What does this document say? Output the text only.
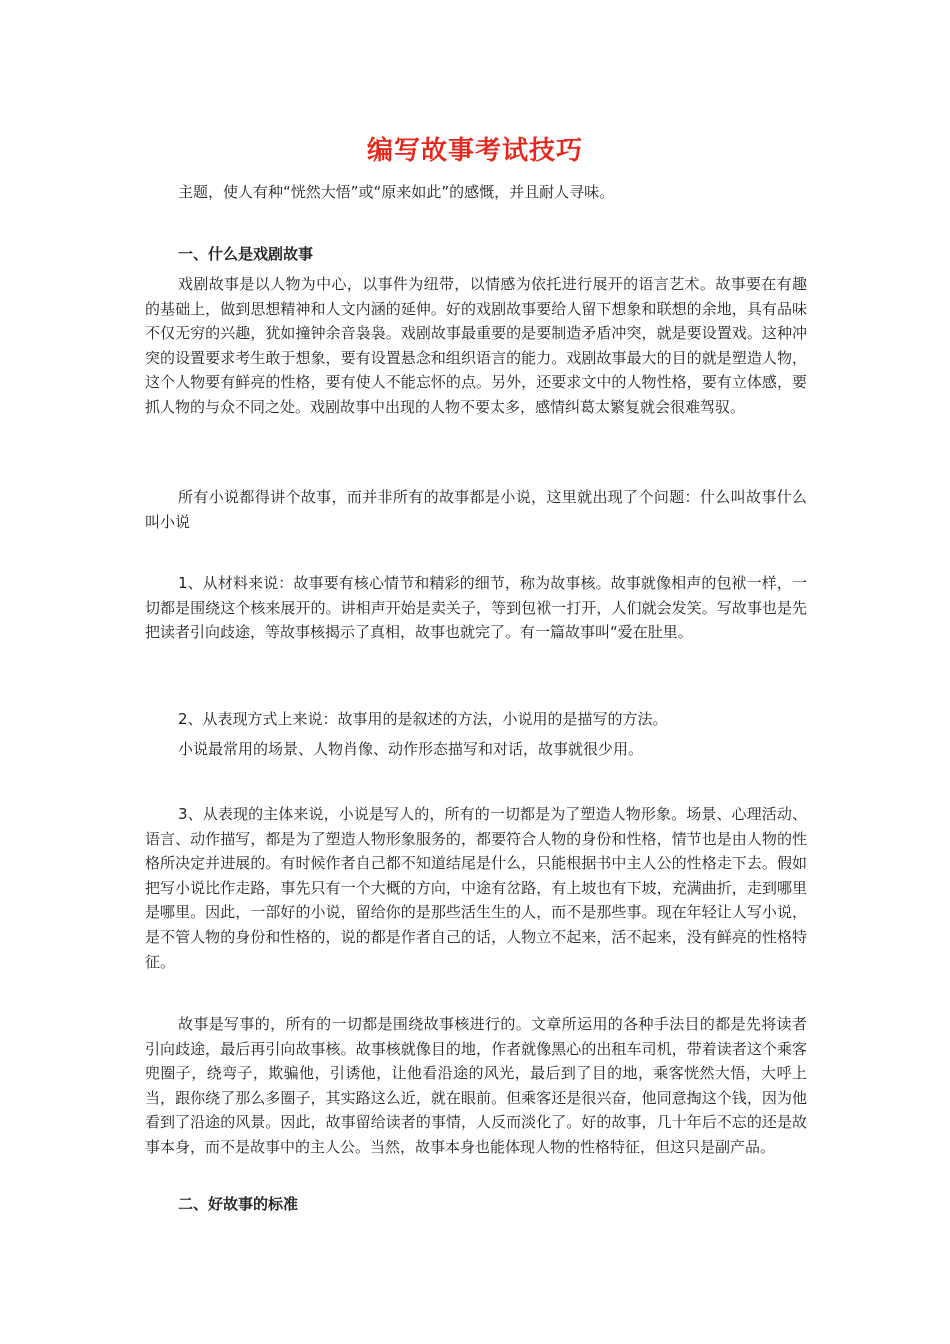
编写故事考试技巧

主题，使人有种“恍然大悟”或“原来如此”的感慨，并且耐人寻味。

一、什么是戏剧故事

戏剧故事是以人物为中心，以事件为纽带，以情感为依托进行展开的语言艺术。故事要在有趣的基础上，做到思想精神和人文内涵的延伸。好的戏剧故事要给人留下想象和联想的余地，具有品味不仅无穷的兴趣，犹如撞钟余音袅袅。戏剧故事最重要的是要制造矛盾冲突，就是要设置戏。这种冲突的设置要求考生敢于想象，要有设置悬念和组织语言的能力。戏剧故事最大的目的就是塑造人物，这个人物要有鲜亮的性格，要有使人不能忘怀的点。另外，还要求文中的人物性格，要有立体感，要抓人物的与众不同之处。戏剧故事中出现的人物不要太多，感情纠葛太繁复就会很难驾驭。

所有小说都得讲个故事，而并非所有的故事都是小说，这里就出现了个问题：什么叫故事什么叫小说

1、从材料来说：故事要有核心情节和精彩的细节，称为故事核。故事就像相声的包袱一样，一切都是围绕这个核来展开的。讲相声开始是卖关子，等到包袱一打开，人们就会发笑。写故事也是先把读者引向歧途，等故事核揭示了真相，故事也就完了。有一篇故事叫“爱在肚里。

2、从表现方式上来说：故事用的是叙述的方法，小说用的是描写的方法。

小说最常用的场景、人物肖像、动作形态描写和对话，故事就很少用。

3、从表现的主体来说，小说是写人的，所有的一切都是为了塑造人物形象。场景、心理活动、语言、动作描写，都是为了塑造人物形象服务的，都要符合人物的身份和性格，情节也是由人物的性格所决定并进展的。有时候作者自己都不知道结尾是什么，只能根据书中主人公的性格走下去。假如把写小说比作走路，事先只有一个大概的方向，中途有岔路，有上坡也有下坡，充满曲折，走到哪里是哪里。因此，一部好的小说，留给你的是那些活生生的人，而不是那些事。现在年轻让人写小说，是不管人物的身份和性格的，说的都是作者自己的话，人物立不起来，活不起来，没有鲜亮的性格特征。

故事是写事的，所有的一切都是围绕故事核进行的。文章所运用的各种手法目的都是先将读者引向歧途，最后再引向故事核。故事核就像目的地，作者就像黑心的出租车司机，带着读者这个乘客兜圈子，绕弯子，欺骗他，引诱他，让他看沿途的风光，最后到了目的地，乘客恍然大悟，大呼上当，跟你绕了那么多圈子，其实路这么近，就在眼前。但乘客还是很兴奋，他同意掏这个钱，因为他看到了沿途的风景。因此，故事留给读者的事情，人反而淡化了。好的故事，几十年后不忘的还是故事本身，而不是故事中的主人公。当然，故事本身也能体现人物的性格特征，但这只是副产品。

二、好故事的标准
